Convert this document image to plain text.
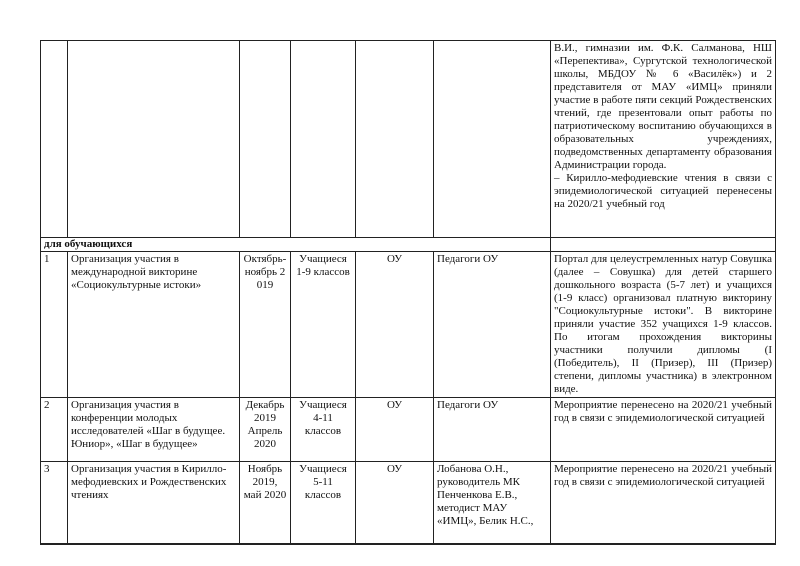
						В.И., гимназии им. Ф.К. Салманова, НШ «Перепектива», Сургутской технологической школы, МБДОУ № 6 «Василёк») и 2 представителя от МАУ «ИМЦ» приняли участие в работе пяти секций Рождественских чтений, где презентовали опыт работы по патриотическому воспитанию обучающихся в образовательных учреждениях, подведомственных департаменту образования Администрации города.
– Кирилло-мефодиевские чтения в связи с эпидемиологической ситуацией перенесены на 2020/21 учебный год

для обучающихся						
1	Организация участия в международной викторине «Социокультурные истоки»	Октябрь-ноябрь 2019	Учащиеся 1-9 классов	ОУ	Педагоги ОУ	Портал для целеустремленных натур Совушка (далее – Совушка) для детей старшего дошкольного возраста (5-7 лет) и учащихся (1-9 класс) организовал платную викторину "Социокультурные истоки". В викторине приняли участие 352 учащихся 1-9 классов. По итогам прохождения викторины участники получили дипломы (I (Победитель), II (Призер), III (Призер) степени, дипломы участника) в электронном виде.
2	Организация участия в конференции молодых исследователей «Шаг в будущее. Юниор», «Шаг в будущее»	Декабрь 2019 Апрель 2020	Учащиеся 4-11 классов	ОУ	Педагоги ОУ	Мероприятие перенесено на 2020/21 учебный год в связи с эпидемиологической ситуацией
3	Организация участия в Кирилло-мефодиевских и Рождественских чтениях	Ноябрь 2019, май 2020	Учащиеся 5-11 классов	ОУ	Лобанова О.Н., руководитель МК Пенченкова Е.В., методист МАУ «ИМЦ», Белик Н.С.,	Мероприятие перенесено на 2020/21 учебный год в связи с эпидемиологической ситуацией
